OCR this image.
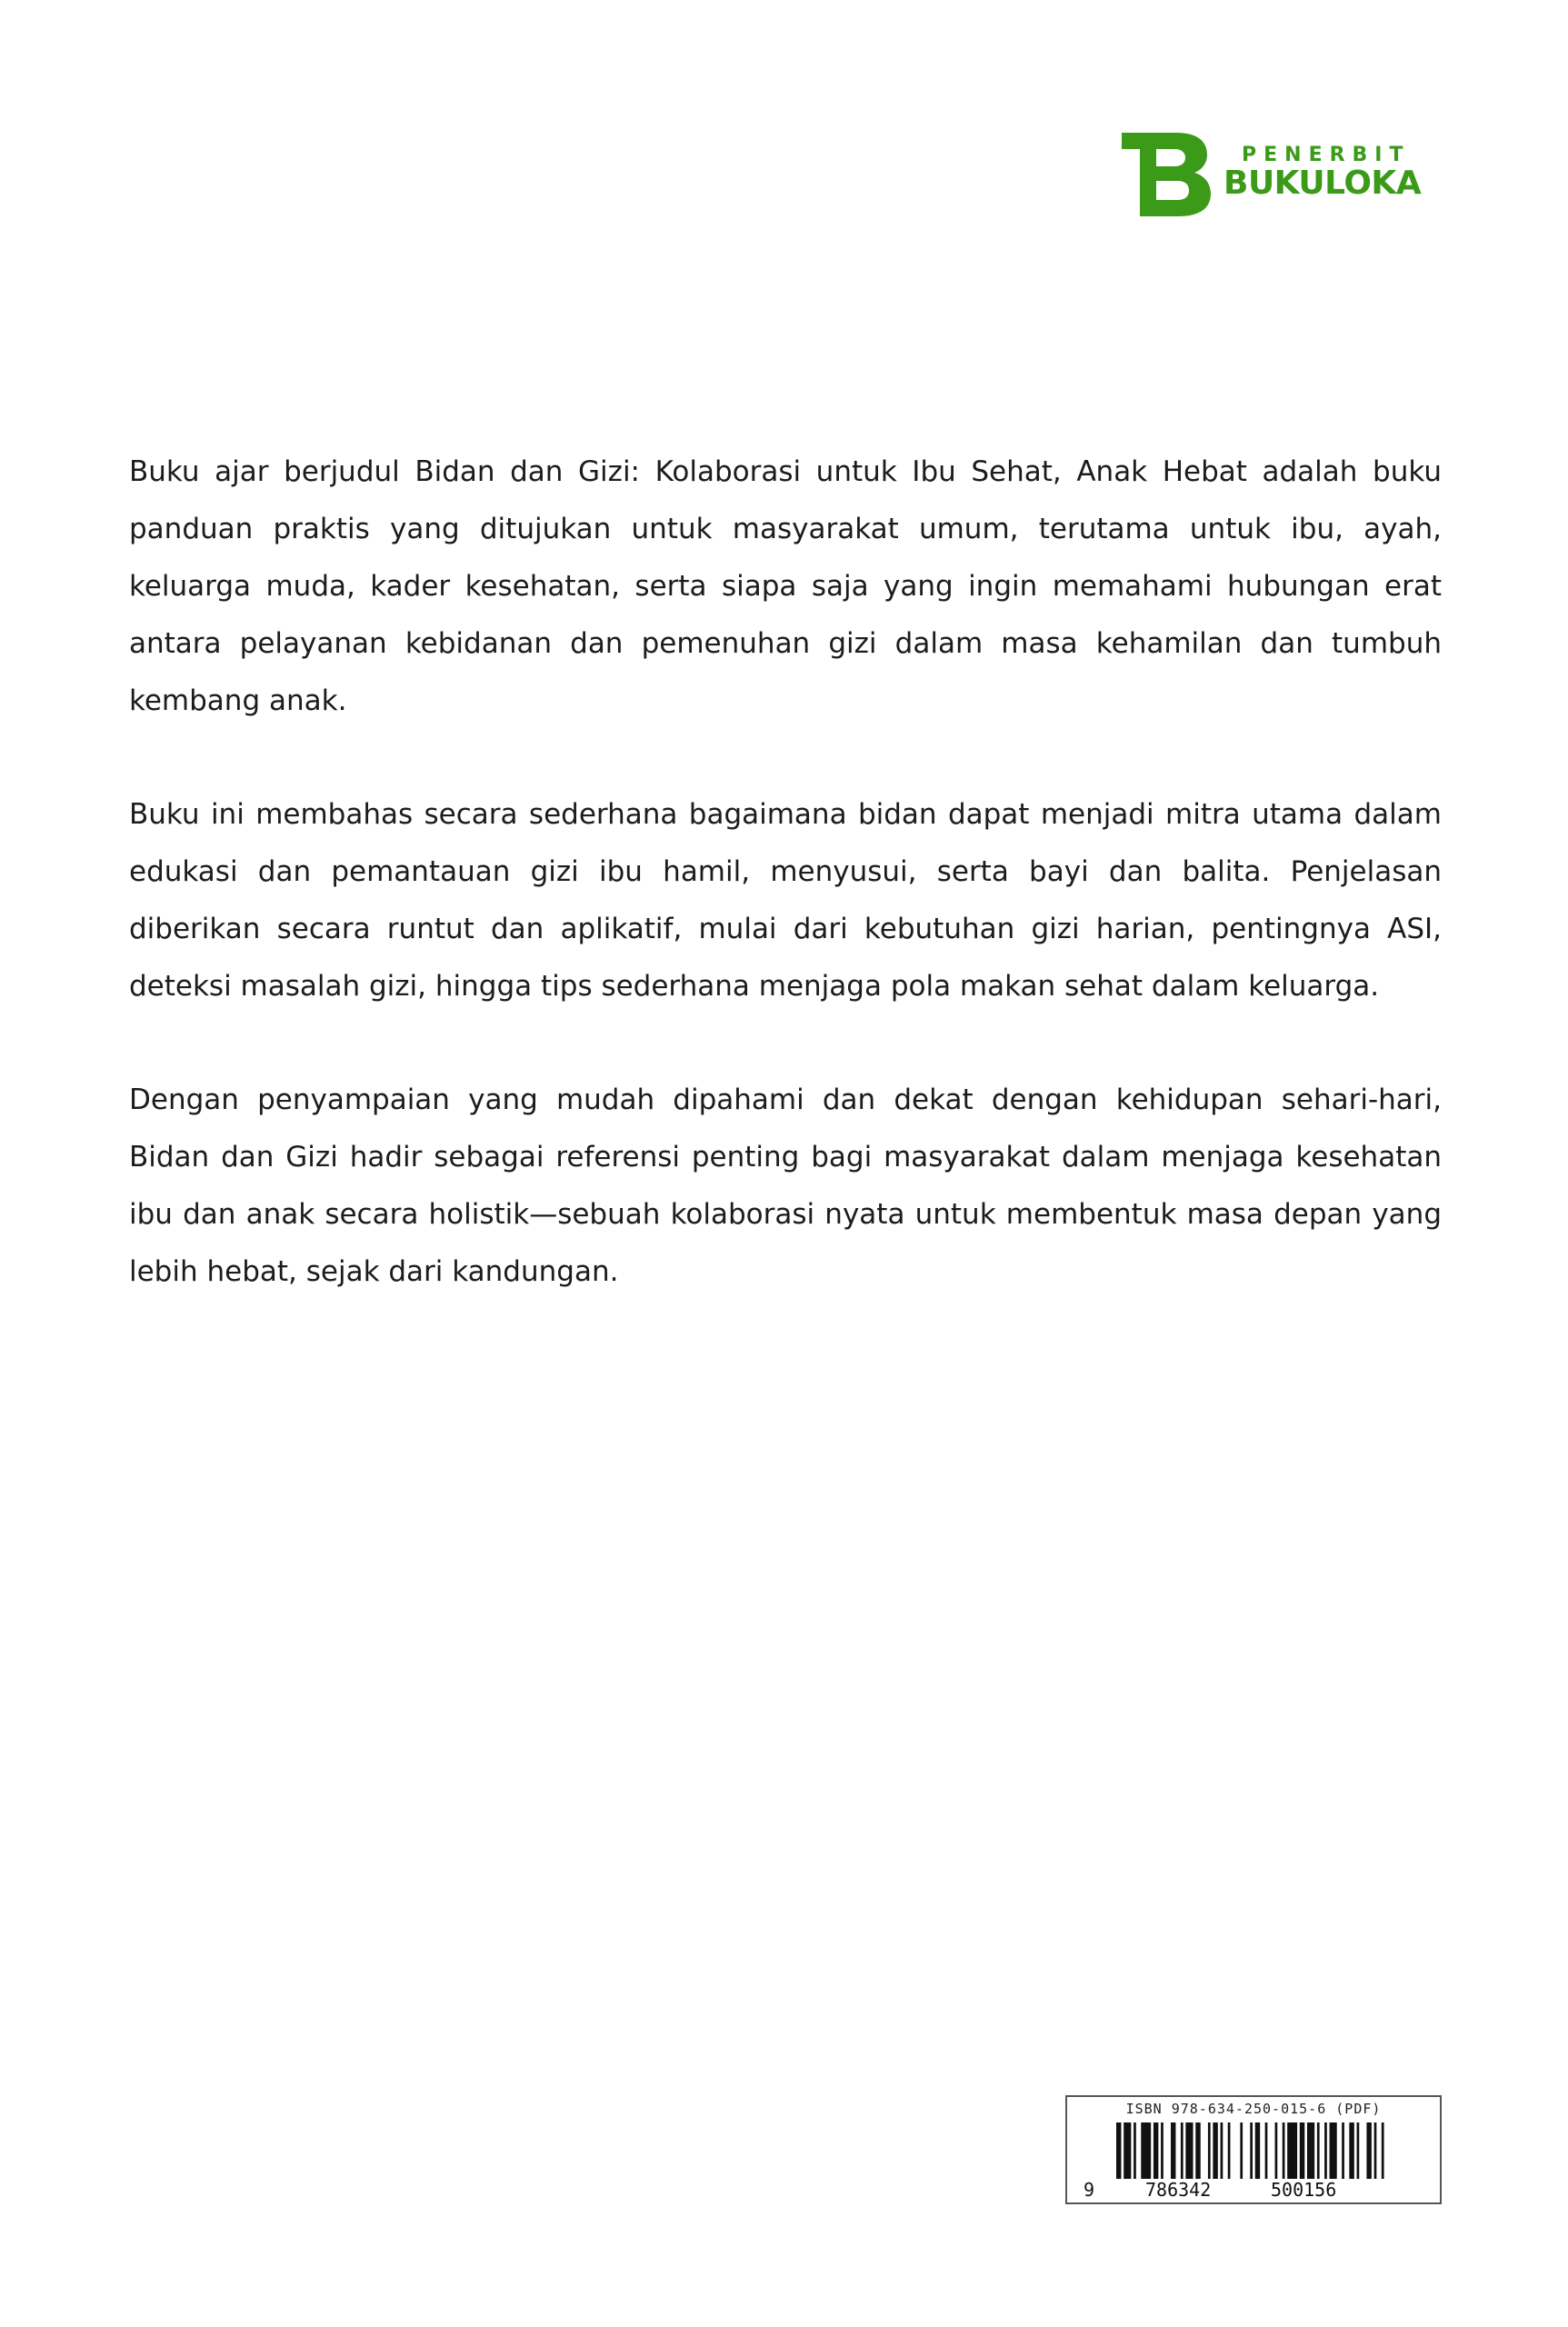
PENERBIT
BUKULOKA

Buku ajar berjudul Bidan dan Gizi: Kolaborasi untuk Ibu Sehat, Anak Hebat adalah buku panduan praktis yang ditujukan untuk masyarakat umum, terutama untuk ibu, ayah, keluarga muda, kader kesehatan, serta siapa saja yang ingin memahami hubungan erat antara pelayanan kebidanan dan pemenuhan gizi dalam masa kehamilan dan tumbuh kembang anak.

Buku ini membahas secara sederhana bagaimana bidan dapat menjadi mitra utama dalam edukasi dan pemantauan gizi ibu hamil, menyusui, serta bayi dan balita. Penjelasan diberikan secara runtut dan aplikatif, mulai dari kebutuhan gizi harian, pentingnya ASI, deteksi masalah gizi, hingga tips sederhana menjaga pola makan sehat dalam keluarga.

Dengan penyampaian yang mudah dipahami dan dekat dengan kehidupan sehari-hari, Bidan dan Gizi hadir sebagai referensi penting bagi masyarakat dalam menjaga kesehatan ibu dan anak secara holistik—sebuah kolaborasi nyata untuk membentuk masa depan yang lebih hebat, sejak dari kandungan.

ISBN 978-634-250-015-6 (PDF)
9	786342	500156
